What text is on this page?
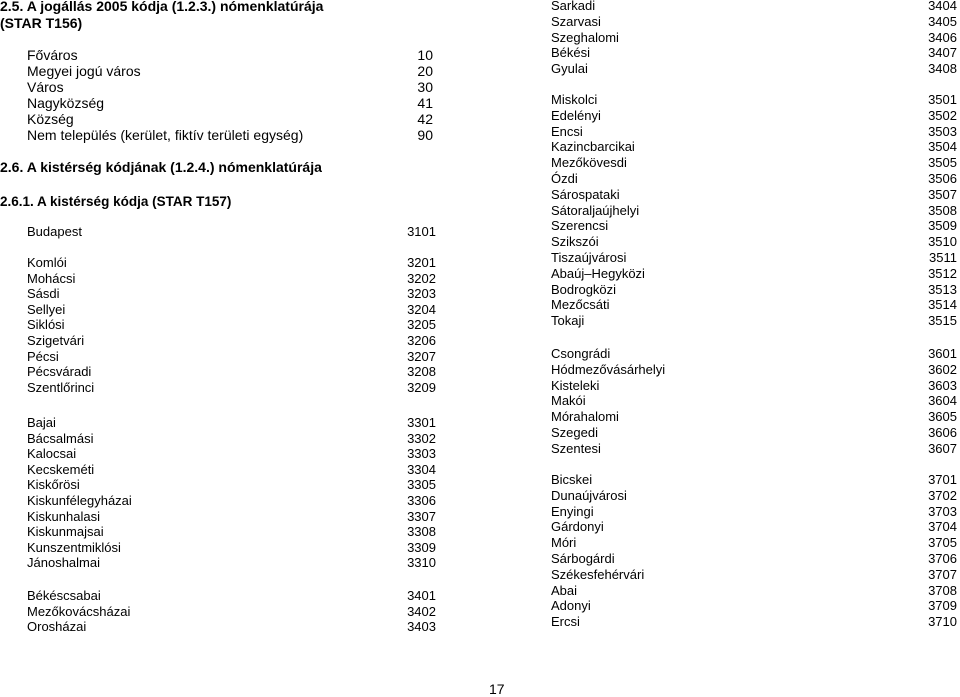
2.5. A jogállás 2005 kódja (1.2.3.) nómenklatúrája
(STAR T156)
Főváros	10
Megyei jogú város	20
Város	30
Nagyközség	41
Község	42
Nem település (kerület, fiktív területi egység)	90
2.6. A kistérség kódjának (1.2.4.) nómenklatúrája
2.6.1. A kistérség kódja (STAR T157)
Budapest	3101
Komlói	3201
Mohácsi	3202
Sásdi	3203
Sellyei	3204
Siklósi	3205
Szigetvári	3206
Pécsi	3207
Pécsváradi	3208
Szentlőrinci	3209
Bajai	3301
Bácsalmási	3302
Kalocsai	3303
Kecskeméti	3304
Kiskőrösi	3305
Kiskunfélegyházai	3306
Kiskunhalasi	3307
Kiskunmajsai	3308
Kunszentmiklósi	3309
Jánoshalmai	3310
Békéscsabai	3401
Mezőkovácsházai	3402
Orosházai	3403
Sarkadi	3404
Szarvasi	3405
Szeghalomi	3406
Békési	3407
Gyulai	3408
Miskolci	3501
Edelényi	3502
Encsi	3503
Kazincbarcikai	3504
Mezőkövesdi	3505
Ózdi	3506
Sárospataki	3507
Sátoraljaújhelyi	3508
Szerencsi	3509
Szikszói	3510
Tiszaújvárosi	3511
Abaúj–Hegyközi	3512
Bodrogközi	3513
Mezőcsáti	3514
Tokaji	3515
Csongrádi	3601
Hódmezővásárhelyi	3602
Kisteleki	3603
Makói	3604
Mórahalomi	3605
Szegedi	3606
Szentesi	3607
Bicskei	3701
Dunaújvárosi	3702
Enyingi	3703
Gárdonyi	3704
Móri	3705
Sárbogárdi	3706
Székesfehérvári	3707
Abai	3708
Adonyi	3709
Ercsi	3710
17
